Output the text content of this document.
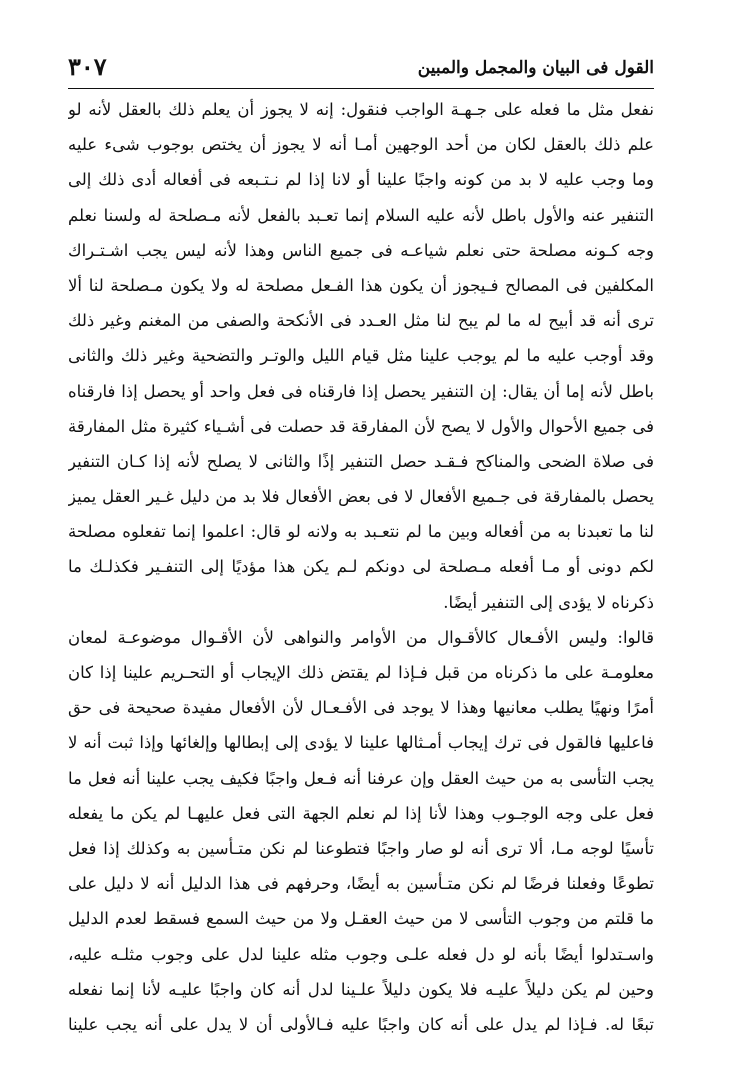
القول فى البيان والمجمل والمبين
٣٠٧
نفعل مثل ما فعله على جـهـة الواجب فنقول: إنه لا يجوز أن يعلم ذلك بالعقل لأنه لو
علم ذلك بالعقل لكان من أحد الوجهين أمـا أنه لا يجوز أن يختص بوجوب شىء عليه
وما وجب عليه لا بد من كونه واجبًا علينا أو لانا إذا لم نـتـبعه فى أفعاله أدى ذلك إلى
التنفير عنه والأول باطل لأنه عليه السلام إنما تعـبد بالفعل لأنه مـصلحة له ولسنا نعلم
وجه كـونه مصلحة حتى نعلم شياعـه فى جميع الناس وهذا لأنه ليس يجب اشـتـراك
المكلفين فى المصالح فـيجوز أن يكون هذا الفـعل مصلحة له ولا يكون مـصلحة لنا ألا
ترى أنه قد أبيح له ما لم يبح لنا مثل العـدد فى الأنكحة والصفى من المغنم وغير ذلك
وقد أوجب عليه ما لم يوجب علينا مثل قيام الليل والوتـر والتضحية وغير ذلك والثانى
باطل لأنه إما أن يقال: إن التنفير يحصل إذا فارقناه فى فعل واحد أو يحصل إذا فارقناه
فى جميع الأحوال والأول لا يصح لأن المفارقة قد حصلت فى أشـياء كثيرة مثل المفارقة
فى صلاة الضحى والمناكح فـقـد حصل التنفير إذًا والثانى لا يصلح لأنه إذا كـان التنفير
يحصل بالمفارقة فى جـميع الأفعال لا فى بعض الأفعال فلا بد من دليل غـير العقل يميز
لنا ما تعبدنا به من أفعاله وبين ما لم نتعـبد به ولانه لو قال: اعلموا إنما تفعلوه مصلحة
لكم دونى أو مـا أفعله مـصلحة لى دونكم لـم يكن هذا مؤديًا إلى التنفـير فكذلـك ما
ذكرناه لا يؤدى إلى التنفير أيضًا.
قالوا: وليس الأفـعال كالأقـوال من الأوامر والنواهى لأن الأقـوال موضوعـة لمعان
معلومـة على ما ذكرناه من قبل فـإذا لم يقتض ذلك الإيجاب أو التحـريم علينا إذا كان
أمرًا ونهيًا يطلب معانيها وهذا لا يوجد فى الأفـعـال لأن الأفعال مفيدة صحيحة فى حق
فاعليها فالقول فى ترك إيجاب أمـثالها علينا لا يؤدى إلى إبطالها وإلغائها وإذا ثبت أنه لا
يجب التأسى به من حيث العقل وإن عرفنا أنه فـعل واجبًا فكيف يجب علينا أنه فعل ما
فعل على وجه الوجـوب وهذا لأنا إذا لم نعلم الجهة التى فعل عليهـا لم يكن ما يفعله
تأسيًا لوجه مـا، ألا ترى أنه لو صار واجبًا فتطوعنا لم نكن متـأسين به وكذلك إذا فعل
تطوعًا وفعلنا فرضًا لم نكن متـأسين به أيضًا، وحرفهم فى هذا الدليل أنه لا دليل على
ما قلتم من وجوب التأسى لا من حيث العقـل ولا من حيث السمع فسقط لعدم الدليل
واسـتدلوا أيضًا بأنه لو دل فعله علـى وجوب مثله علينا لدل على وجوب مثلـه عليه،
وحين لم يكن دليلاً عليـه فلا يكون دليلاً علـينا لدل أنه كان واجبًا عليـه لأنا إنما نفعله
تبعًا له. فـإذا لم يدل على أنه كان واجبًا عليه فـالأولى أن لا يدل على أنه يجب علينا
